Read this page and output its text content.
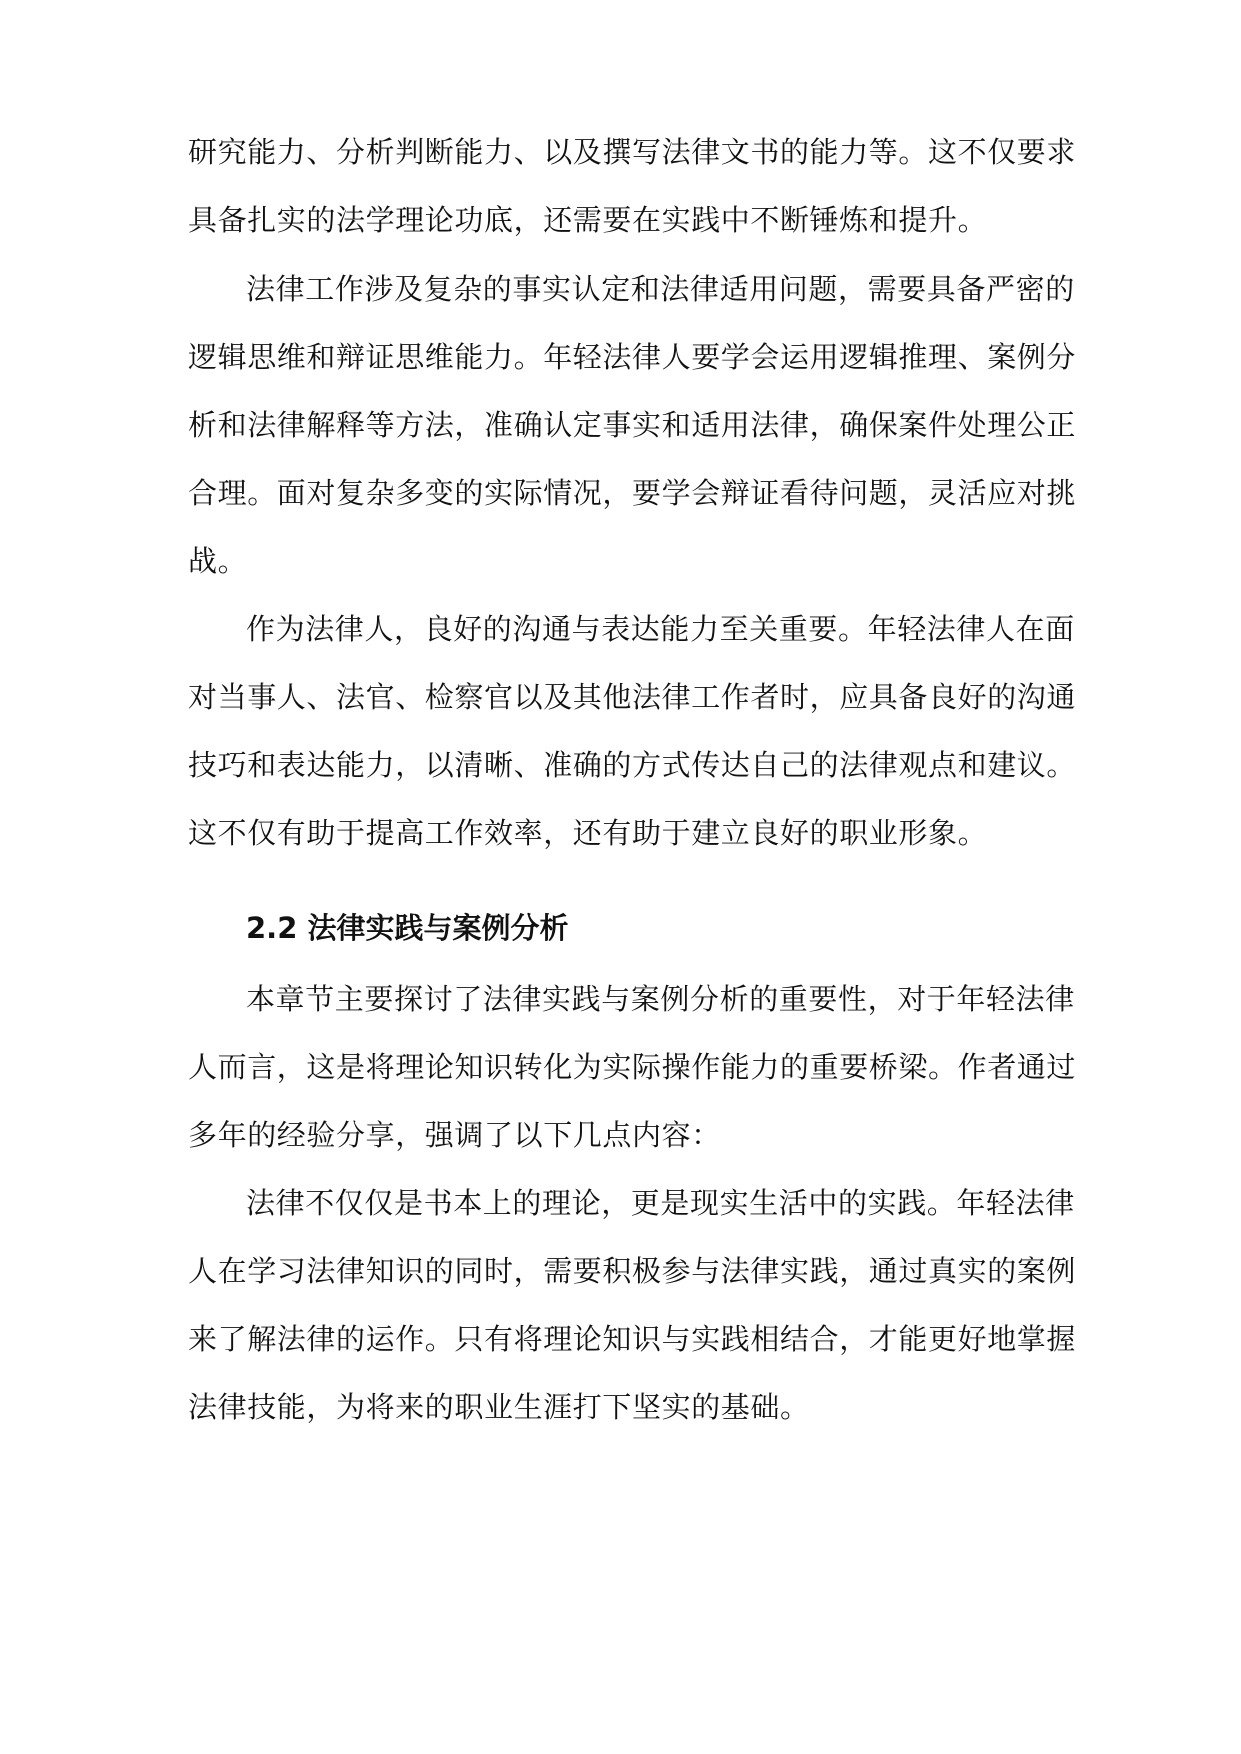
研究能力、分析判断能力、以及撰写法律文书的能力等。这不仅要求
具备扎实的法学理论功底，还需要在实践中不断锤炼和提升。
法律工作涉及复杂的事实认定和法律适用问题，需要具备严密的
逻辑思维和辩证思维能力。年轻法律人要学会运用逻辑推理、案例分
析和法律解释等方法，准确认定事实和适用法律，确保案件处理公正
合理。面对复杂多变的实际情况，要学会辩证看待问题，灵活应对挑
战。
作为法律人，良好的沟通与表达能力至关重要。年轻法律人在面
对当事人、法官、检察官以及其他法律工作者时，应具备良好的沟通
技巧和表达能力，以清晰、准确的方式传达自己的法律观点和建议。
这不仅有助于提高工作效率，还有助于建立良好的职业形象。
2.2 法律实践与案例分析
本章节主要探讨了法律实践与案例分析的重要性，对于年轻法律
人而言，这是将理论知识转化为实际操作能力的重要桥梁。作者通过
多年的经验分享，强调了以下几点内容：
法律不仅仅是书本上的理论，更是现实生活中的实践。年轻法律
人在学习法律知识的同时，需要积极参与法律实践，通过真实的案例
来了解法律的运作。只有将理论知识与实践相结合，才能更好地掌握
法律技能，为将来的职业生涯打下坚实的基础。
